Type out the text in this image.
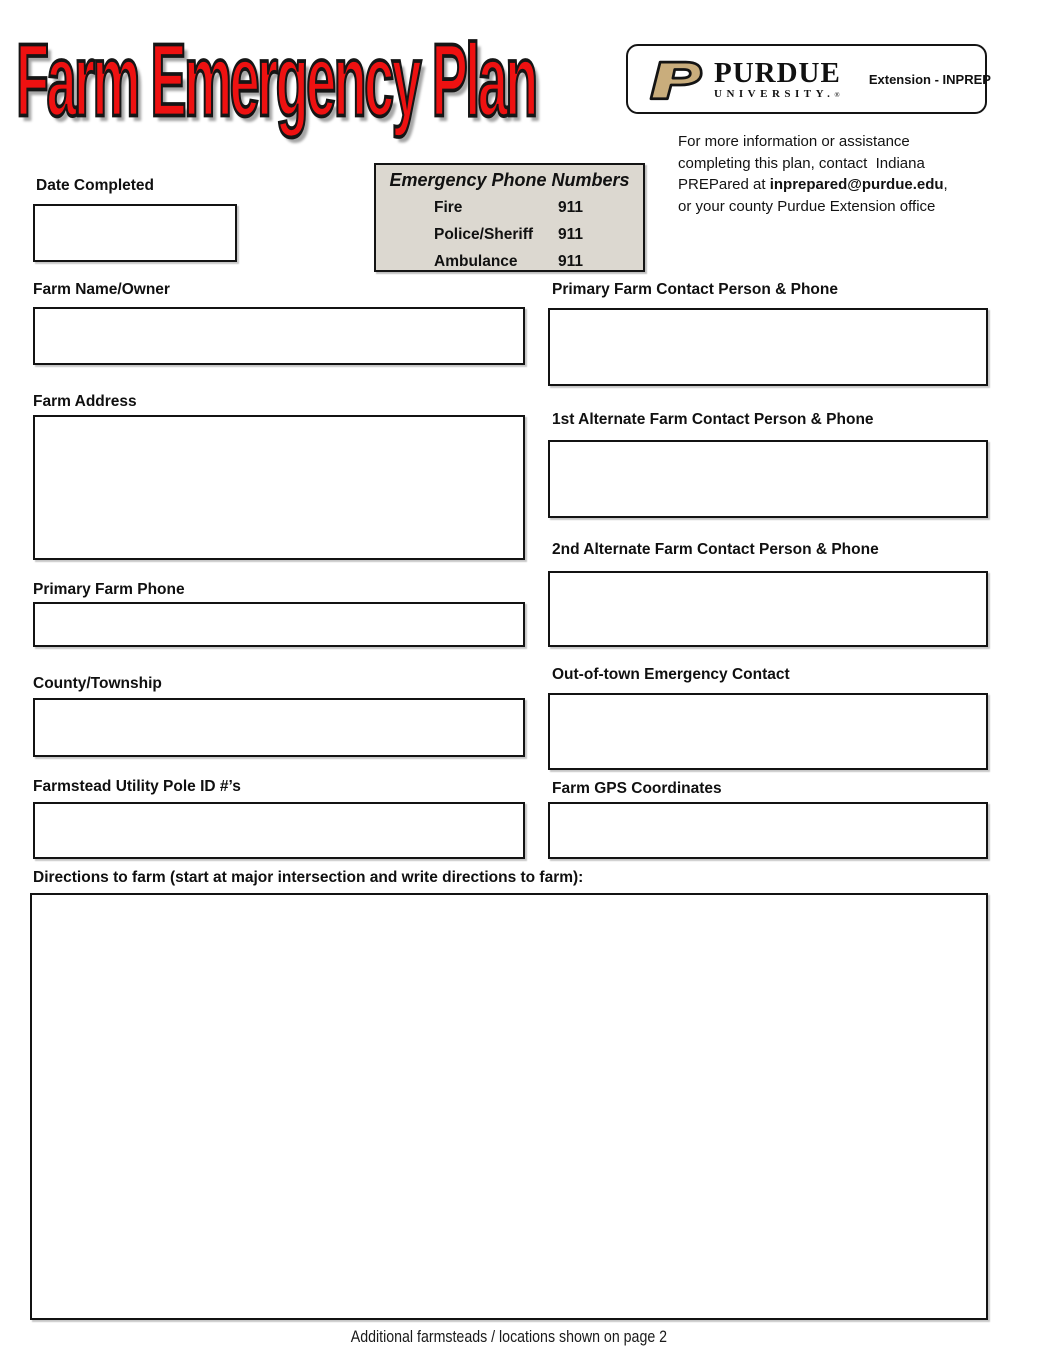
Farm Emergency Plan	PURDUE
UNIVERSITY.®
Extension - INPREP
For more information or assistance
completing this plan, contact  Indiana
PREPared at inprepared@purdue.edu,
or your county Purdue Extension office
Emergency Phone Numbers
Fire	911
Police/Sheriff	911
Ambulance	911
Date Completed
Farm Name/Owner
Farm Address
Primary Farm Phone
County/Township
Farmstead Utility Pole ID #’s
Primary Farm Contact Person & Phone
1st Alternate Farm Contact Person & Phone
2nd Alternate Farm Contact Person & Phone
Out-of-town Emergency Contact
Farm GPS Coordinates
Directions to farm (start at major intersection and write directions to farm):
Additional farmsteads / locations shown on page 2
